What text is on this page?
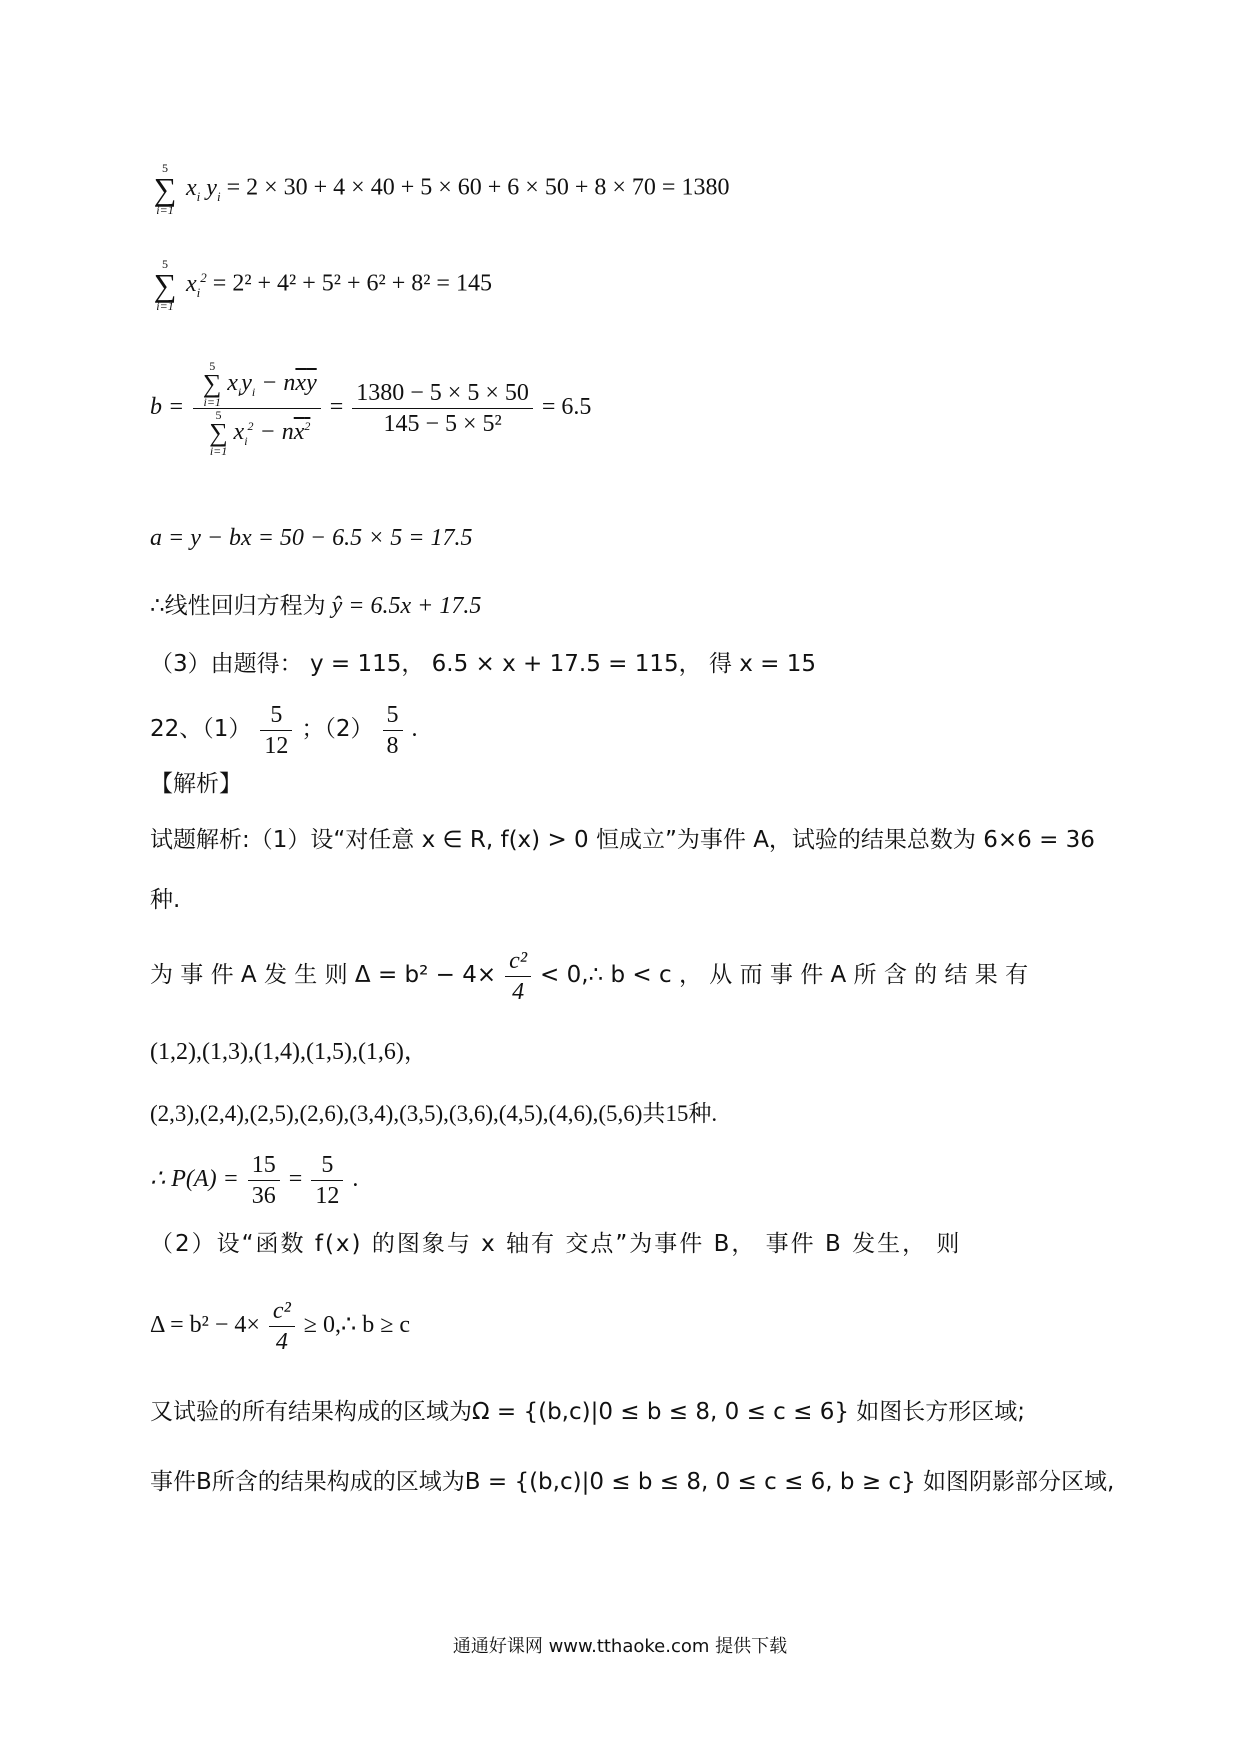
5
∑
i=1
$x_i$ $y_i = 2 \times 30 + 4 \times 40 + 5 \times 60 + 6 \times 50 + 8 \times 70 = 1380$
5
∑
i=1
$x_i^2 = 2^2 + 4^2 + 5^2 + 6^2 + 8^2 = 145$
b = 5
∑
i=1
$x_iy_i - n\overline{x}\overline{y}$
5
∑
i=1
$x_i^2 - nx^2 = \frac{1380 - 5 \times 5 \times 50}{\text{145 − 5 × 5²}} = 6.5$
a = y − bx = 50 − 6.5 × 5 = 17.5
∴线性回归方程为 ŷ = 6.5x + 17.5
（3）由题得： y = 115， 6.5 × x + 17.5 = 115， 得 x = 15
22、$(1) \frac{5}{12}$ ；$(2) \frac{5}{8}$ .
【解析】
试题解析:（1）设“对任意 x ∈ R, f(x) > 0 恒成立”为事件 A，试验的结果总数为 6×6 = 36
种.
为 事 件 A 发 生 则 $\Delta = b^2 - 4\times \frac{\text{c²}}{4}$ < 0,∴ b < c ， 从 而 事 件 A 所 含 的 结 果 有
(1,2),(1,3),(1,4),(1,5),(1,6)，
(2,3),(2,4),(2,5),(2,6),(3,4),(3,5),(3,6),(4,5),(4,6),(5,6)共15种.
∴ $P(A) = \frac{15}{36} = \frac{5}{12}$ .
（2）设“函数 f(x) 的图象与 x 轴有 交点”为事件 B， 事件 B 发生， 则
$\Delta = b^2 - 4\times \frac{\text{c²}}{4}$ ≥ 0,∴ b ≥ c
又试验的所有结果构成的区域为Ω = {(b,c)|0 ≤ b ≤ 8, 0 ≤ c ≤ 6} 如图长方形区域;
事件B所含的结果构成的区域为B = {(b,c)|0 ≤ b ≤ 8, 0 ≤ c ≤ 6, b ≥ c} 如图阴影部分区域,
通通好课网 www.tthaoke.com 提供下载
